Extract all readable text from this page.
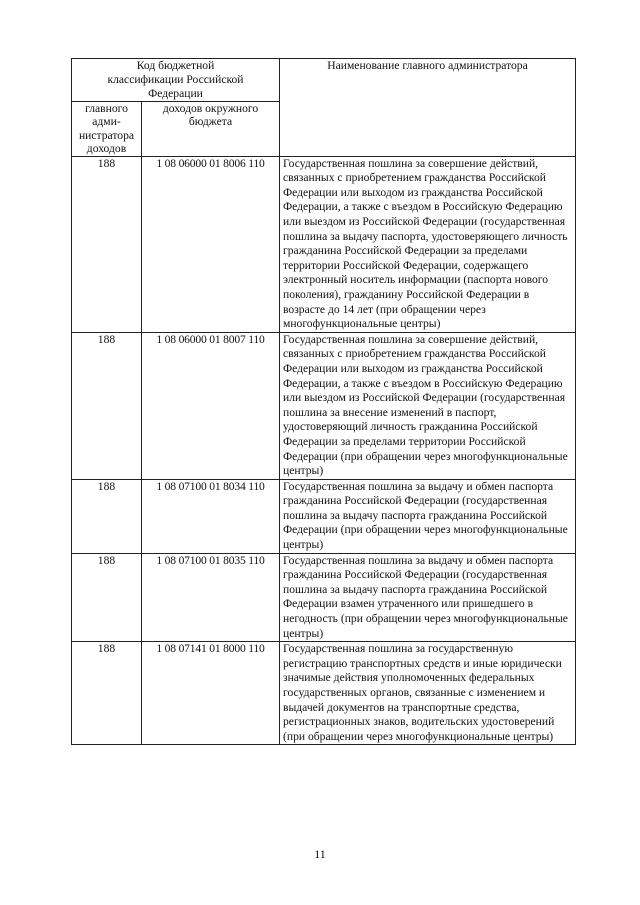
Код бюджетной классификации Российской Федерации		Наименование главного администратора

главного адми-нистратора доходов	доходов окружного бюджета	

188	1 08 06000 01 8006 110	Государственная пошлина за совершение действий, связанных с приобретением гражданства Российской Федерации или выходом из гражданства Российской Федерации, а также с въездом в Российскую Федерацию или выездом из Российской Федерации (государственная пошлина за выдачу паспорта, удостоверяющего личность гражданина Российской Федерации за пределами территории Российской Федерации, содержащего электронный носитель информации (паспорта нового поколения), гражданину Российской Федерации в возрасте до 14 лет (при обращении через многофункциональные центры)
188	1 08 06000 01 8007 110	Государственная пошлина за совершение действий, связанных с приобретением гражданства Российской Федерации или выходом из гражданства Российской Федерации, а также с въездом в Российскую Федерацию или выездом из Российской Федерации (государственная пошлина за внесение изменений в паспорт, удостоверяющий личность гражданина Российской Федерации за пределами территории Российской Федерации (при обращении через многофункциональные центры)
188	1 08 07100 01 8034 110	Государственная пошлина за выдачу и обмен паспорта гражданина Российской Федерации (государственная пошлина за выдачу паспорта гражданина Российской Федерации (при обращении через многофункциональные центры)
188	1 08 07100 01 8035 110	Государственная пошлина за выдачу и обмен паспорта гражданина Российской Федерации (государственная пошлина за выдачу паспорта гражданина Российской Федерации взамен утраченного или пришедшего в негодность (при обращении через многофункциональные центры)
188	1 08 07141 01 8000 110	Государственная пошлина за государственную регистрацию транспортных средств и иные юридически значимые действия уполномоченных федеральных государственных органов, связанные с изменением и выдачей документов на транспортные средства, регистрационных знаков, водительских удостоверений (при обращении через многофункциональные центры)
11
